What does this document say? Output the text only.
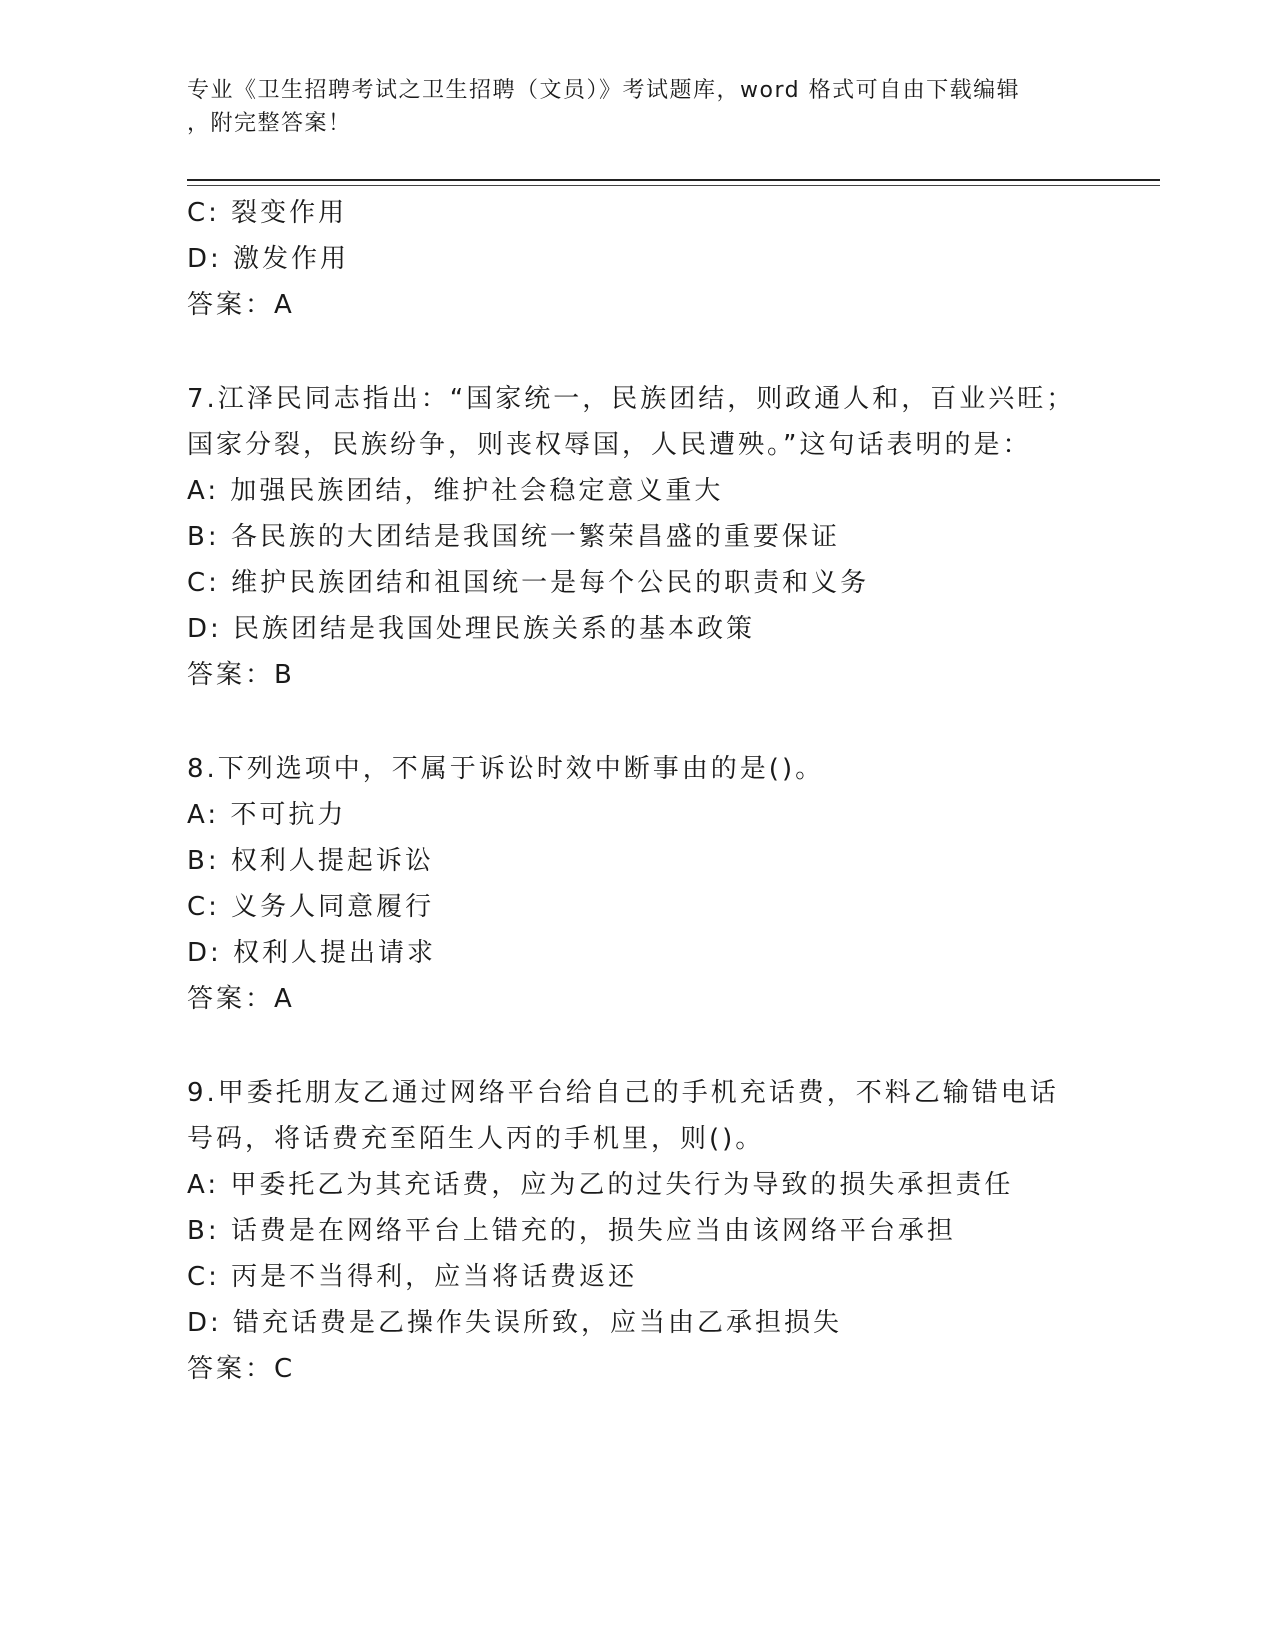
专业《卫生招聘考试之卫生招聘（文员）》考试题库，word 格式可自由下载编辑
，附完整答案！
C: 裂变作用
D: 激发作用
答案：A
7.江泽民同志指出：“国家统一，民族团结，则政通人和，百业兴旺；
国家分裂，民族纷争，则丧权辱国，人民遭殃。”这句话表明的是：
A: 加强民族团结，维护社会稳定意义重大
B: 各民族的大团结是我国统一繁荣昌盛的重要保证
C: 维护民族团结和祖国统一是每个公民的职责和义务
D: 民族团结是我国处理民族关系的基本政策
答案：B
8.下列选项中，不属于诉讼时效中断事由的是()。
A: 不可抗力
B: 权利人提起诉讼
C: 义务人同意履行
D: 权利人提出请求
答案：A
9.甲委托朋友乙通过网络平台给自己的手机充话费，不料乙输错电话
号码，将话费充至陌生人丙的手机里，则()。
A: 甲委托乙为其充话费，应为乙的过失行为导致的损失承担责任
B: 话费是在网络平台上错充的，损失应当由该网络平台承担
C: 丙是不当得利，应当将话费返还
D: 错充话费是乙操作失误所致，应当由乙承担损失
答案：C
